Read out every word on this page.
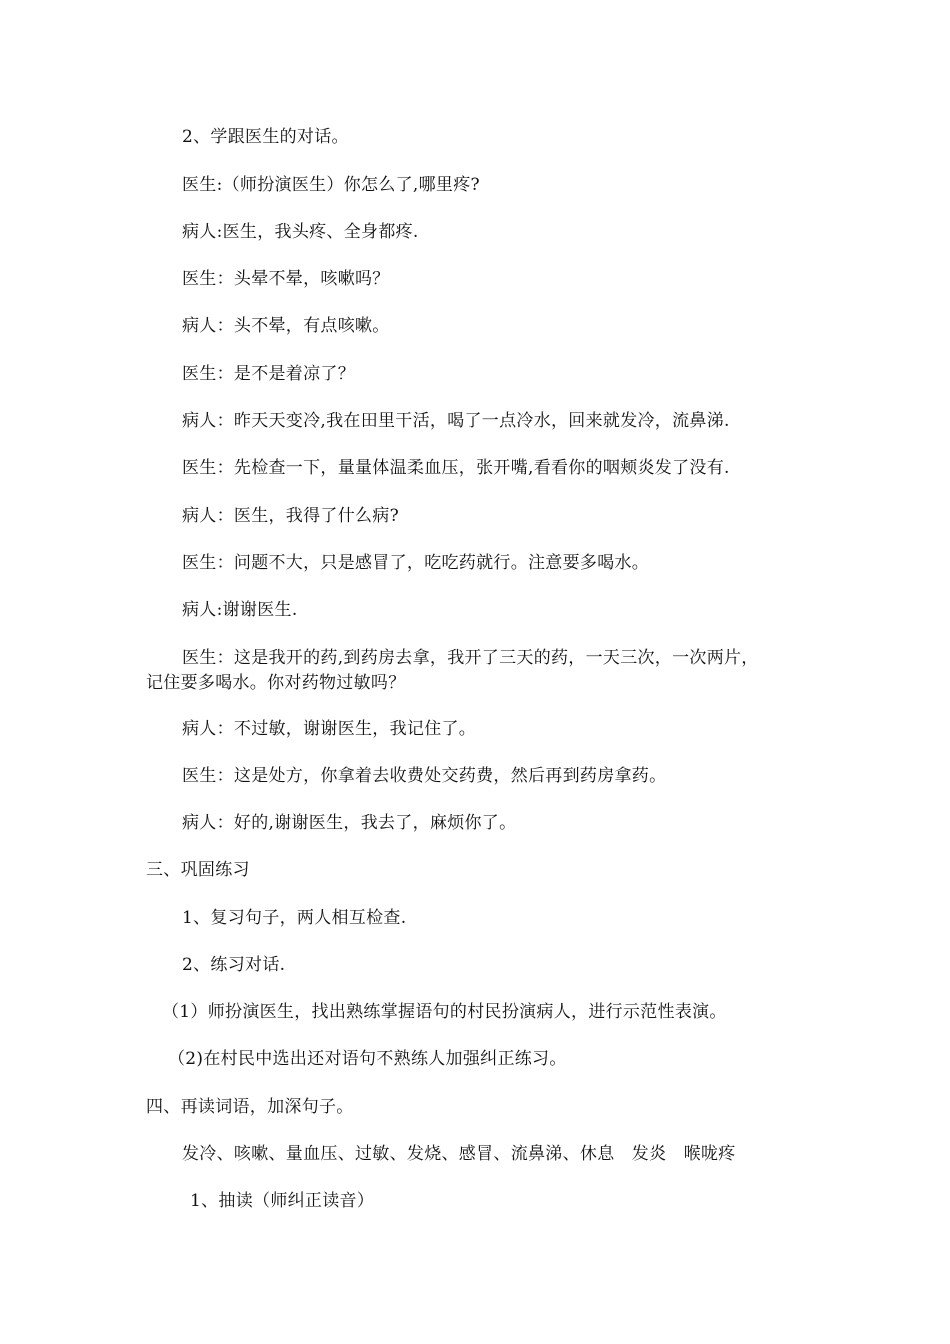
2、学跟医生的对话。
医生:（师扮演医生）你怎么了,哪里疼?
病人:医生，我头疼、全身都疼.
医生：头晕不晕，咳嗽吗？
病人：头不晕，有点咳嗽。
医生：是不是着凉了？
病人：昨天天变冷,我在田里干活，喝了一点冷水，回来就发冷，流鼻涕.
医生：先检查一下，量量体温柔血压，张开嘴,看看你的咽颊炎发了没有.
病人：医生，我得了什么病?
医生：问题不大，只是感冒了，吃吃药就行。注意要多喝水。
病人:谢谢医生.
医生：这是我开的药,到药房去拿，我开了三天的药，一天三次，一次两片，
记住要多喝水。你对药物过敏吗？
病人：不过敏，谢谢医生，我记住了。
医生：这是处方，你拿着去收费处交药费，然后再到药房拿药。
病人：好的,谢谢医生，我去了，麻烦你了。
三、巩固练习
1、复习句子，两人相互检查.
2、练习对话.
（1）师扮演医生，找出熟练掌握语句的村民扮演病人，进行示范性表演。
（2)在村民中选出还对语句不熟练人加强纠正练习。
四、再读词语，加深句子。
发冷、咳嗽、量血压、过敏、发烧、感冒、流鼻涕、休息　发炎　喉咙疼
1、抽读（师纠正读音）
